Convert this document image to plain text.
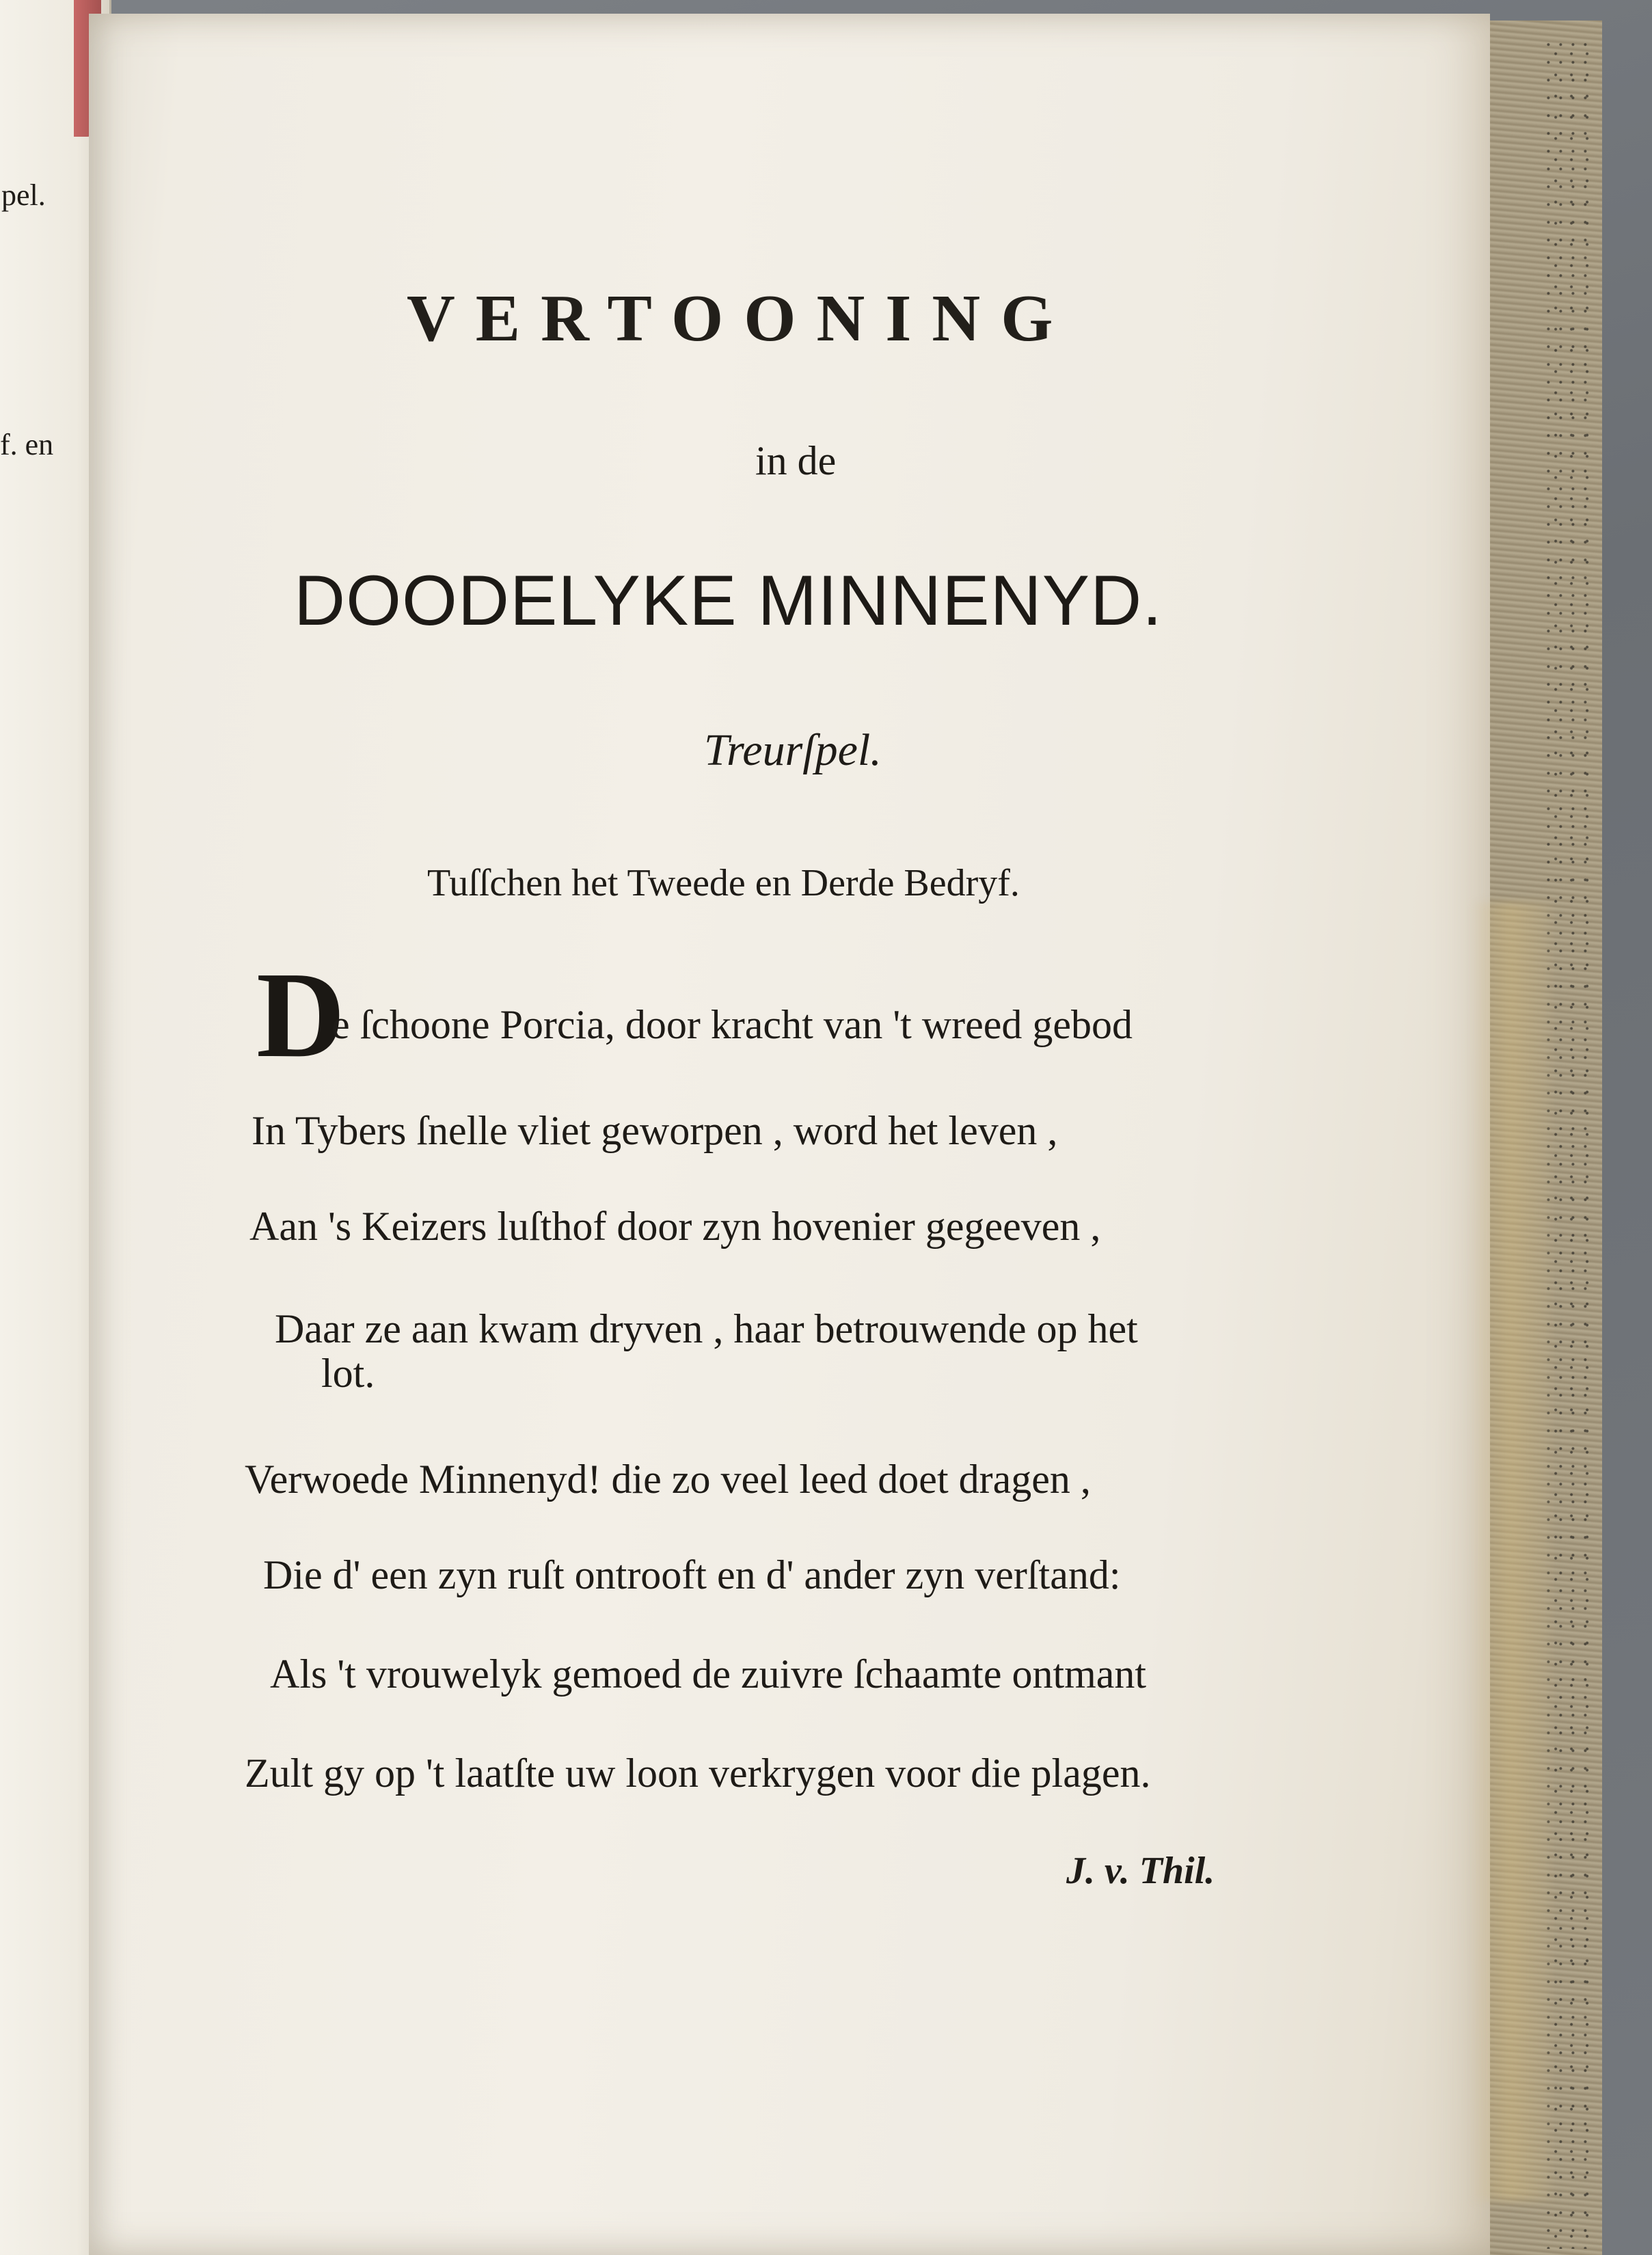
pel.
f. en
VERTOONING
in de
DOODELYKE MINNENYD.
Treurſpel.
Tuſſchen het Tweede en Derde Bedryf.
D
e ſchoone Porcia, door kracht van 't wreed gebod
In Tybers ſnelle vliet geworpen , word het leven ,
Aan 's Keizers luſthof door zyn hovenier gegeeven ,
Daar ze aan kwam dryven , haar betrouwende op het
lot.
Verwoede Minnenyd! die zo veel leed doet dragen ,
Die d' een zyn ruſt ontrooft en d' ander zyn verſtand:
Als 't vrouwelyk gemoed de zuivre ſchaamte ontmant
Zult gy op 't laatſte uw loon verkrygen voor die plagen.
J. v. Thil.
